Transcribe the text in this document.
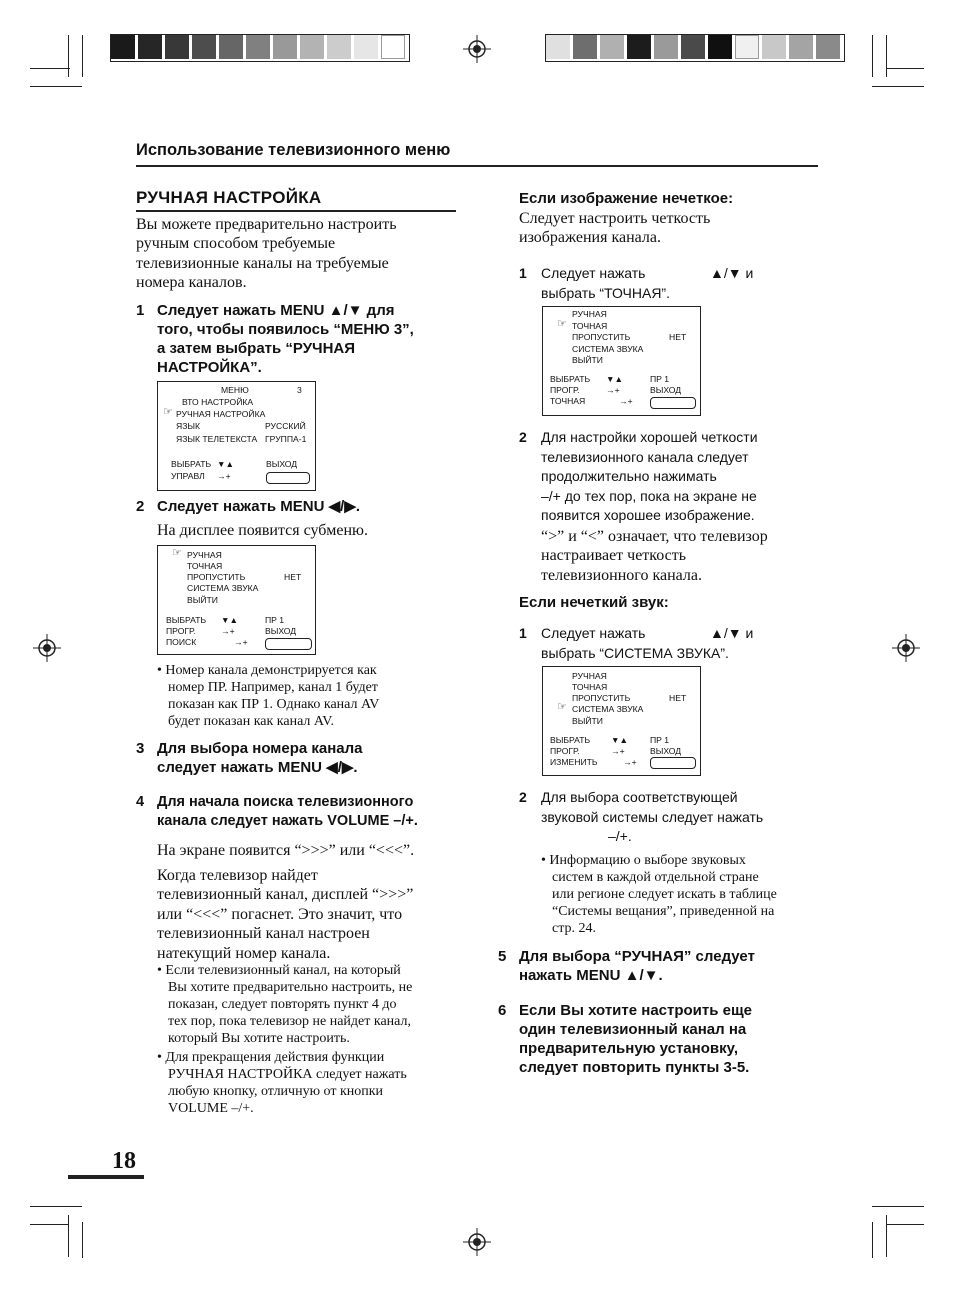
Использование телевизионного меню
РУЧНАЯ НАСТРОЙКА
Вы можете предварительно настроить
ручным способом требуемые
телевизионные каналы на требуемые
номера каналов.
1 Следует нажать MENU ▲/▼ для
того, чтобы появилось “МЕНЮ 3”,
а затем выбрать “РУЧНАЯ
НАСТРОЙКА”.
МЕНЮ	3
ВТО НАСТРОЙКА
☞ РУЧНАЯ НАСТРОЙКА
ЯЗЫК	РУССКИЙ
ЯЗЫК ТЕЛЕТЕКСТА ГРУППА-1
ВЫБРАТЬ ▼▲	ВЫХОД
УПРАВЛ →+
2 Следует нажать MENU ◀/▶.
На дисплее появится субменю.
☞ РУЧНАЯ
ТОЧНАЯ
ПРОПУСТИТЬ	НЕТ
СИСТЕМА ЗВУКА
ВЫЙТИ
ВЫБРАТЬ ▼▲	ПР 1
ПРОГР.	→+	ВЫХОД
ПОИСК	→+
• Номер канала демонстрируется как
номер ПР. Например, канал 1 будет
показан как ПР 1. Однако канал AV
будет показан как канал AV.
3 Для выбора номера канала
следует нажать MENU ◀/▶.
4 Для начала поиска телевизионного
канала следует нажать VOLUME –/+.
На экране появится “>>>” или “<<<”.
Когда телевизор найдет
телевизионный канал, дисплей “>>>”
или “<<<” погаснет. Это значит, что
телевизионный канал настроен
натекущий номер канала.
• Если телевизионный канал, на который
Вы хотите предварительно настроить, не
показан, следует повторять пункт 4 до
тех пор, пока телевизор не найдет канал,
который Вы хотите настроить.
• Для прекращения действия функции
РУЧНАЯ НАСТРОЙКА следует нажать
любую кнопку, отличную от кнопки
VOLUME –/+.
Если изображение нечеткое:
Следует настроить четкость
изображения канала.
1 Следует нажать	▲/▼ и
выбрать “ТОЧНАЯ”.
РУЧНАЯ
☞ ТОЧНАЯ
ПРОПУСТИТЬ	НЕТ
СИСТЕМА ЗВУКА
ВЫЙТИ
ВЫБРАТЬ ▼▲	ПР 1
ПРОГР.	→+	ВЫХОД
ТОЧНАЯ	→+
2 Для настройки хорошей четкости
телевизионного канала следует
продолжительно нажимать
–/+ до тех пор, пока на экране не
появится хорошее изображение.
“>” и “<” означает, что телевизор
настраивает четкость
телевизионного канала.
Если нечеткий звук:
1 Следует нажать	▲/▼ и
выбрать “СИСТЕМА ЗВУКА”.
РУЧНАЯ
ТОЧНАЯ
ПРОПУСТИТЬ	НЕТ
☞ СИСТЕМА ЗВУКА
ВЫЙТИ
ВЫБРАТЬ ▼▲	ПР 1
ПРОГР.	→+	ВЫХОД
ИЗМЕНИТЬ	→+
2 Для выбора соответствующей
звуковой системы следует нажать
–/+.
• Информацию о выборе звуковых
систем в каждой отдельной стране
или регионе следует искать в таблице
“Системы вещания”, приведенной на
стр. 24.
5 Для выбора “РУЧНАЯ” следует
нажать MENU ▲/▼.
6 Если Вы хотите настроить еще
один телевизионный канал на
предварительную установку,
следует повторить пункты 3-5.
18
